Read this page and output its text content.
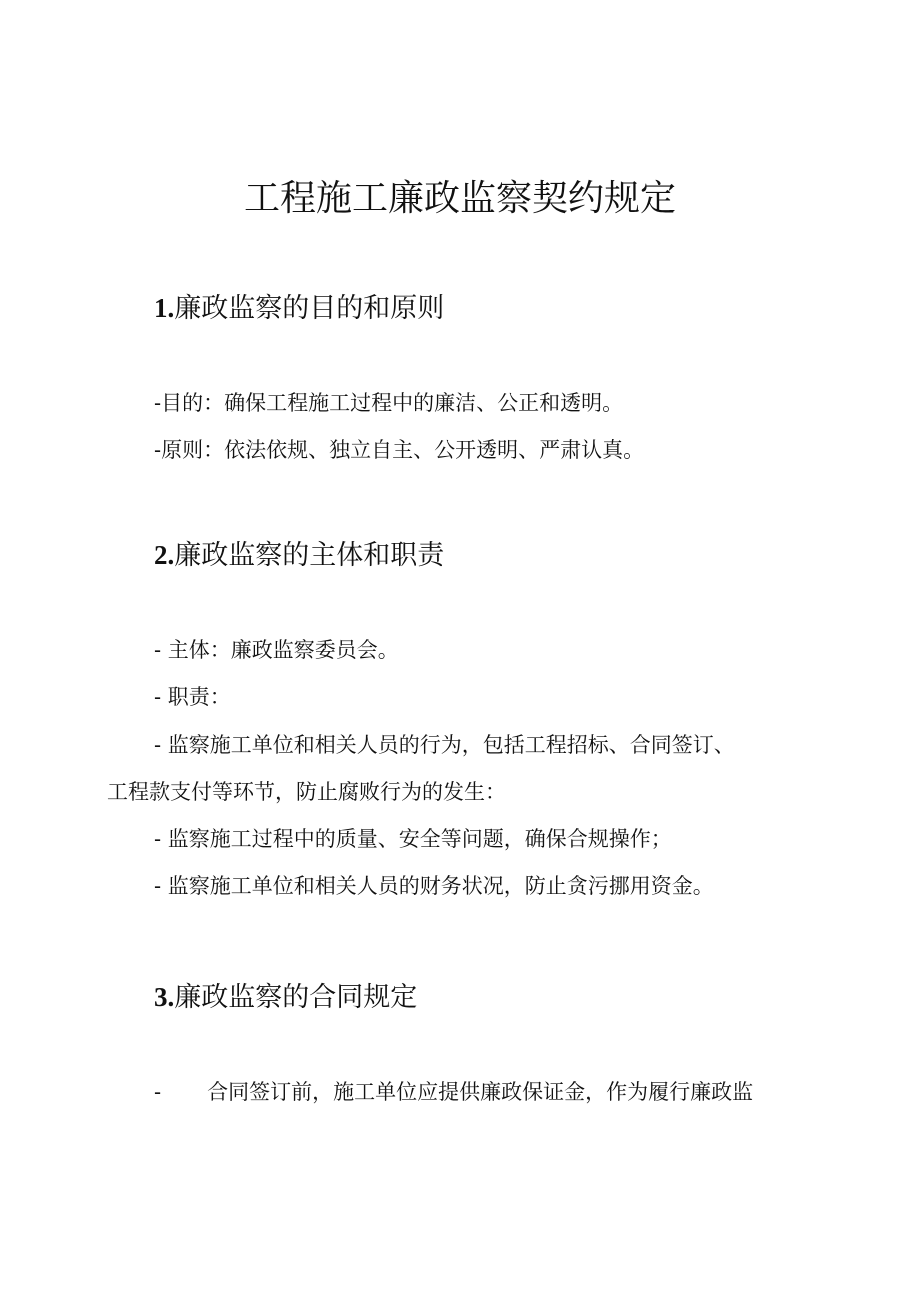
工程施工廉政监察契约规定
1.廉政监察的目的和原则
-目的：确保工程施工过程中的廉洁、公正和透明。
-原则：依法依规、独立自主、公开透明、严肃认真。
2.廉政监察的主体和职责
- 主体：廉政监察委员会。
- 职责：
- 监察施工单位和相关人员的行为，包括工程招标、合同签订、
工程款支付等环节，防止腐败行为的发生：
- 监察施工过程中的质量、安全等问题，确保合规操作；
- 监察施工单位和相关人员的财务状况，防止贪污挪用资金。
3.廉政监察的合同规定
- 合同签订前，施工单位应提供廉政保证金，作为履行廉政监
